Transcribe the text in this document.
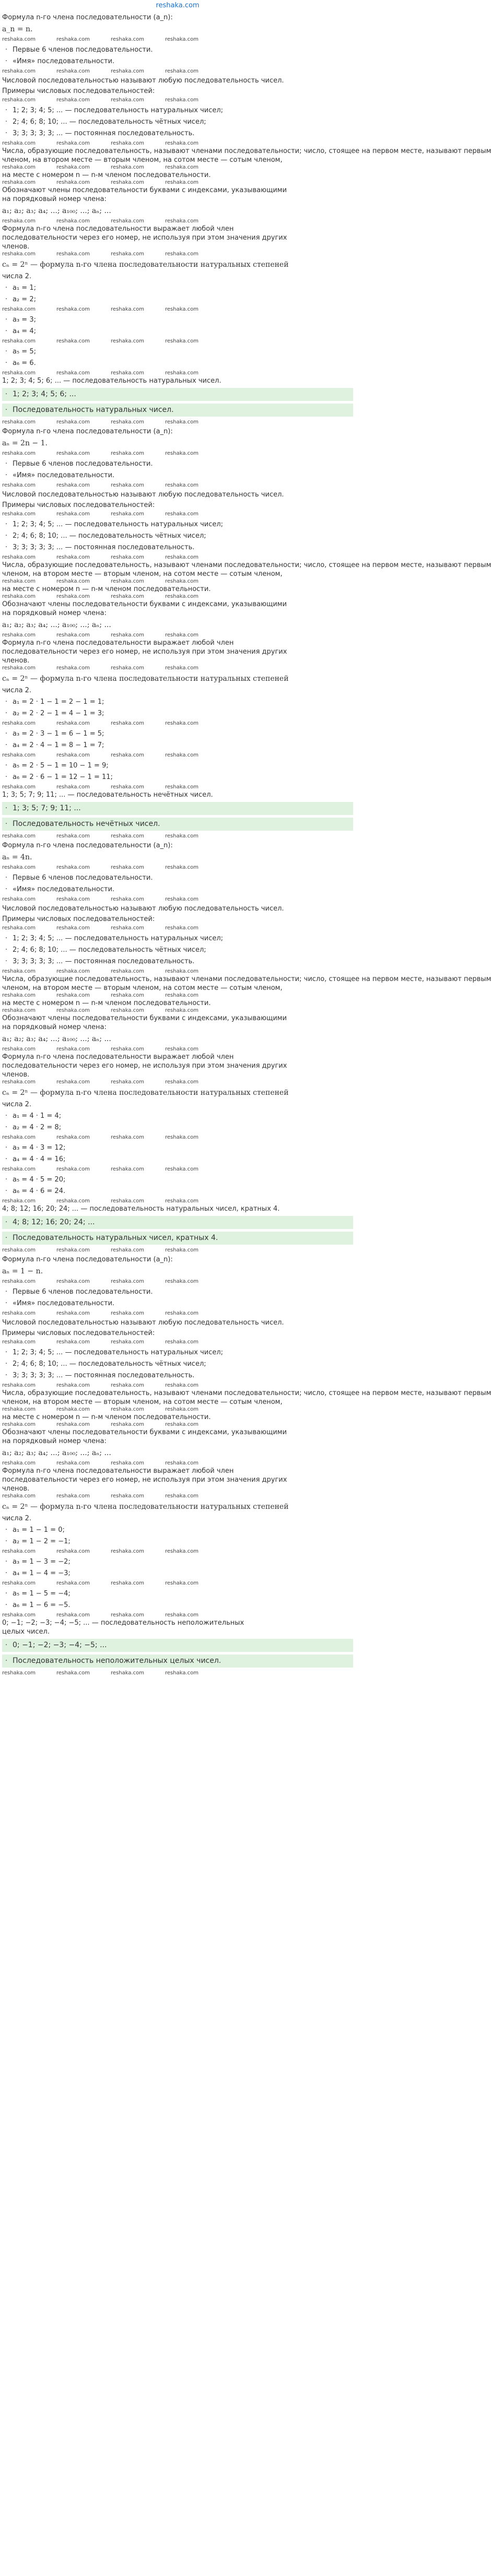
reshaka.com
Формула n-го члена последовательности (a_n):
a_n = n.
reshaka.com	reshaka.com	reshaka.com	reshaka.com
· Первые 6 членов последовательности.
· «Имя» последовательности.
reshaka.com	reshaka.com	reshaka.com	reshaka.com
Числовой последовательностью называют любую последовательность чисел.
Примеры числовых последовательностей:
reshaka.com	reshaka.com	reshaka.com	reshaka.com
· 1; 2; 3; 4; 5; ... — последовательность натуральных чисел;
· 2; 4; 6; 8; 10; ... — последовательность чётных чисел;
· 3; 3; 3; 3; 3; ... — постоянная последовательность.
reshaka.com	reshaka.com	reshaka.com	reshaka.com
Числа, образующие последовательность, называют членами последовательности; число, стоящее на первом месте, называют первым
членом, на втором месте — вторым членом, на сотом месте — сотым членом,
reshaka.com	reshaka.com	reshaka.com	reshaka.com
на месте с номером n — n-м членом последовательности.
reshaka.com	reshaka.com	reshaka.com	reshaka.com
Обозначают члены последовательности буквами с индексами, указывающими
на порядковый номер члена:
a₁; a₂; a₃; a₄; ...; a₁₀₀; ...; aₙ; ...
reshaka.com	reshaka.com	reshaka.com	reshaka.com
Формула n-го члена последовательности выражает любой член
последовательности через его номер, не используя при этом значения других
членов.
reshaka.com	reshaka.com	reshaka.com	reshaka.com
cₙ = 2ⁿ — формула n-го члена последовательности натуральных степеней
числа 2.
· a₁ = 1;
· a₂ = 2;
reshaka.com	reshaka.com	reshaka.com	reshaka.com
· a₃ = 3;
· a₄ = 4;
reshaka.com	reshaka.com	reshaka.com	reshaka.com
· a₅ = 5;
· a₆ = 6.
reshaka.com	reshaka.com	reshaka.com	reshaka.com
1; 2; 3; 4; 5; 6; ... — последовательность натуральных чисел.
· 1; 2; 3; 4; 5; 6; ...
· Последовательность натуральных чисел.
reshaka.com	reshaka.com	reshaka.com	reshaka.com
Формула n-го члена последовательности (a_n):
aₙ = 2n − 1.
reshaka.com	reshaka.com	reshaka.com	reshaka.com
· Первые 6 членов последовательности.
· «Имя» последовательности.
reshaka.com	reshaka.com	reshaka.com	reshaka.com
Числовой последовательностью называют любую последовательность чисел.
Примеры числовых последовательностей:
reshaka.com	reshaka.com	reshaka.com	reshaka.com
· 1; 2; 3; 4; 5; ... — последовательность натуральных чисел;
· 2; 4; 6; 8; 10; ... — последовательность чётных чисел;
· 3; 3; 3; 3; 3; ... — постоянная последовательность.
reshaka.com	reshaka.com	reshaka.com	reshaka.com
Числа, образующие последовательность, называют членами последовательности; число, стоящее на первом месте, называют первым
членом, на втором месте — вторым членом, на сотом месте — сотым членом,
reshaka.com	reshaka.com	reshaka.com	reshaka.com
на месте с номером n — n-м членом последовательности.
reshaka.com	reshaka.com	reshaka.com	reshaka.com
Обозначают члены последовательности буквами с индексами, указывающими
на порядковый номер члена:
a₁; a₂; a₃; a₄; ...; a₁₀₀; ...; aₙ; ...
reshaka.com	reshaka.com	reshaka.com	reshaka.com
Формула n-го члена последовательности выражает любой член
последовательности через его номер, не используя при этом значения других
членов.
reshaka.com	reshaka.com	reshaka.com	reshaka.com
cₙ = 2ⁿ — формула n-го члена последовательности натуральных степеней
числа 2.
· a₁ = 2 · 1 − 1 = 2 − 1 = 1;
· a₂ = 2 · 2 − 1 = 4 − 1 = 3;
reshaka.com	reshaka.com	reshaka.com	reshaka.com
· a₃ = 2 · 3 − 1 = 6 − 1 = 5;
· a₄ = 2 · 4 − 1 = 8 − 1 = 7;
reshaka.com	reshaka.com	reshaka.com	reshaka.com
· a₅ = 2 · 5 − 1 = 10 − 1 = 9;
· a₆ = 2 · 6 − 1 = 12 − 1 = 11;
reshaka.com	reshaka.com	reshaka.com	reshaka.com
1; 3; 5; 7; 9; 11; ... — последовательность нечётных чисел.
· 1; 3; 5; 7; 9; 11; ...
· Последовательность нечётных чисел.
reshaka.com	reshaka.com	reshaka.com	reshaka.com
Формула n-го члена последовательности (a_n):
aₙ = 4n.
reshaka.com	reshaka.com	reshaka.com	reshaka.com
· Первые 6 членов последовательности.
· «Имя» последовательности.
reshaka.com	reshaka.com	reshaka.com	reshaka.com
Числовой последовательностью называют любую последовательность чисел.
Примеры числовых последовательностей:
reshaka.com	reshaka.com	reshaka.com	reshaka.com
· 1; 2; 3; 4; 5; ... — последовательность натуральных чисел;
· 2; 4; 6; 8; 10; ... — последовательность чётных чисел;
· 3; 3; 3; 3; 3; ... — постоянная последовательность.
reshaka.com	reshaka.com	reshaka.com	reshaka.com
Числа, образующие последовательность, называют членами последовательности; число, стоящее на первом месте, называют первым
членом, на втором месте — вторым членом, на сотом месте — сотым членом,
reshaka.com	reshaka.com	reshaka.com	reshaka.com
на месте с номером n — n-м членом последовательности.
reshaka.com	reshaka.com	reshaka.com	reshaka.com
Обозначают члены последовательности буквами с индексами, указывающими
на порядковый номер члена:
a₁; a₂; a₃; a₄; ...; a₁₀₀; ...; aₙ; ...
reshaka.com	reshaka.com	reshaka.com	reshaka.com
Формула n-го члена последовательности выражает любой член
последовательности через его номер, не используя при этом значения других
членов.
reshaka.com	reshaka.com	reshaka.com	reshaka.com
cₙ = 2ⁿ — формула n-го члена последовательности натуральных степеней
числа 2.
· a₁ = 4 · 1 = 4;
· a₂ = 4 · 2 = 8;
reshaka.com	reshaka.com	reshaka.com	reshaka.com
· a₃ = 4 · 3 = 12;
· a₄ = 4 · 4 = 16;
reshaka.com	reshaka.com	reshaka.com	reshaka.com
· a₅ = 4 · 5 = 20;
· a₆ = 4 · 6 = 24.
reshaka.com	reshaka.com	reshaka.com	reshaka.com
4; 8; 12; 16; 20; 24; ... — последовательность натуральных чисел, кратных 4.
· 4; 8; 12; 16; 20; 24; ...
· Последовательность натуральных чисел, кратных 4.
reshaka.com	reshaka.com	reshaka.com	reshaka.com
Формула n-го члена последовательности (a_n):
aₙ = 1 − n.
reshaka.com	reshaka.com	reshaka.com	reshaka.com
· Первые 6 членов последовательности.
· «Имя» последовательности.
reshaka.com	reshaka.com	reshaka.com	reshaka.com
Числовой последовательностью называют любую последовательность чисел.
Примеры числовых последовательностей:
reshaka.com	reshaka.com	reshaka.com	reshaka.com
· 1; 2; 3; 4; 5; ... — последовательность натуральных чисел;
· 2; 4; 6; 8; 10; ... — последовательность чётных чисел;
· 3; 3; 3; 3; 3; ... — постоянная последовательность.
reshaka.com	reshaka.com	reshaka.com	reshaka.com
Числа, образующие последовательность, называют членами последовательности; число, стоящее на первом месте, называют первым
членом, на втором месте — вторым членом, на сотом месте — сотым членом,
reshaka.com	reshaka.com	reshaka.com	reshaka.com
на месте с номером n — n-м членом последовательности.
reshaka.com	reshaka.com	reshaka.com	reshaka.com
Обозначают члены последовательности буквами с индексами, указывающими
на порядковый номер члена:
a₁; a₂; a₃; a₄; ...; a₁₀₀; ...; aₙ; ...
reshaka.com	reshaka.com	reshaka.com	reshaka.com
Формула n-го члена последовательности выражает любой член
последовательности через его номер, не используя при этом значения других
членов.
reshaka.com	reshaka.com	reshaka.com	reshaka.com
cₙ = 2ⁿ — формула n-го члена последовательности натуральных степеней
числа 2.
· a₁ = 1 − 1 = 0;
· a₂ = 1 − 2 = −1;
reshaka.com	reshaka.com	reshaka.com	reshaka.com
· a₃ = 1 − 3 = −2;
· a₄ = 1 − 4 = −3;
reshaka.com	reshaka.com	reshaka.com	reshaka.com
· a₅ = 1 − 5 = −4;
· a₆ = 1 − 6 = −5.
reshaka.com	reshaka.com	reshaka.com	reshaka.com
0; −1; −2; −3; −4; −5; ... — последовательность неположительных
целых чисел.
· 0; −1; −2; −3; −4; −5; ...
· Последовательность неположительных целых чисел.
reshaka.com	reshaka.com	reshaka.com	reshaka.com
